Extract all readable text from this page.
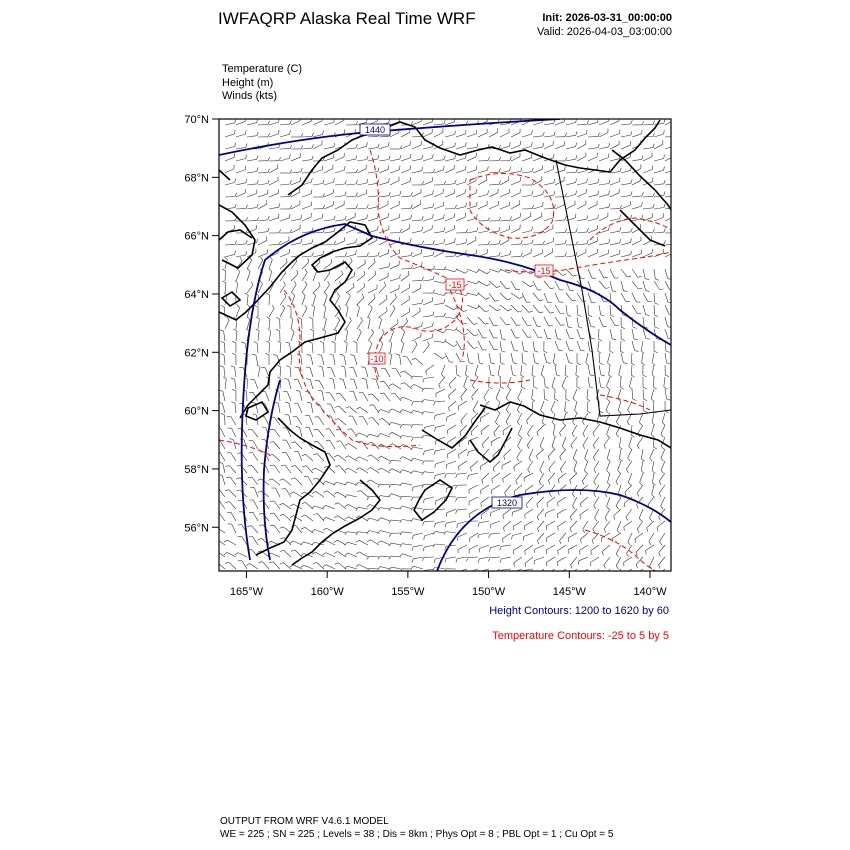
IWFAQRP Alaska Real Time WRF	Init: 2026-03-31_00:00:00
Valid: 2026-04-03_03:00:00
Temperature (C)
Height (m)
Winds (kts)
1440
1320
-15
-15
-10
70°N
68°N
66°N
64°N
62°N
60°N
58°N
56°N
165°W	160°W	155°W	150°W	145°W	140°W
Height Contours: 1200 to 1620 by 60
Temperature Contours: -25 to 5 by 5
OUTPUT FROM WRF V4.6.1 MODEL
WE = 225 ; SN = 225 ; Levels = 38 ; Dis = 8km ; Phys Opt = 8 ; PBL Opt = 1 ; Cu Opt = 5
